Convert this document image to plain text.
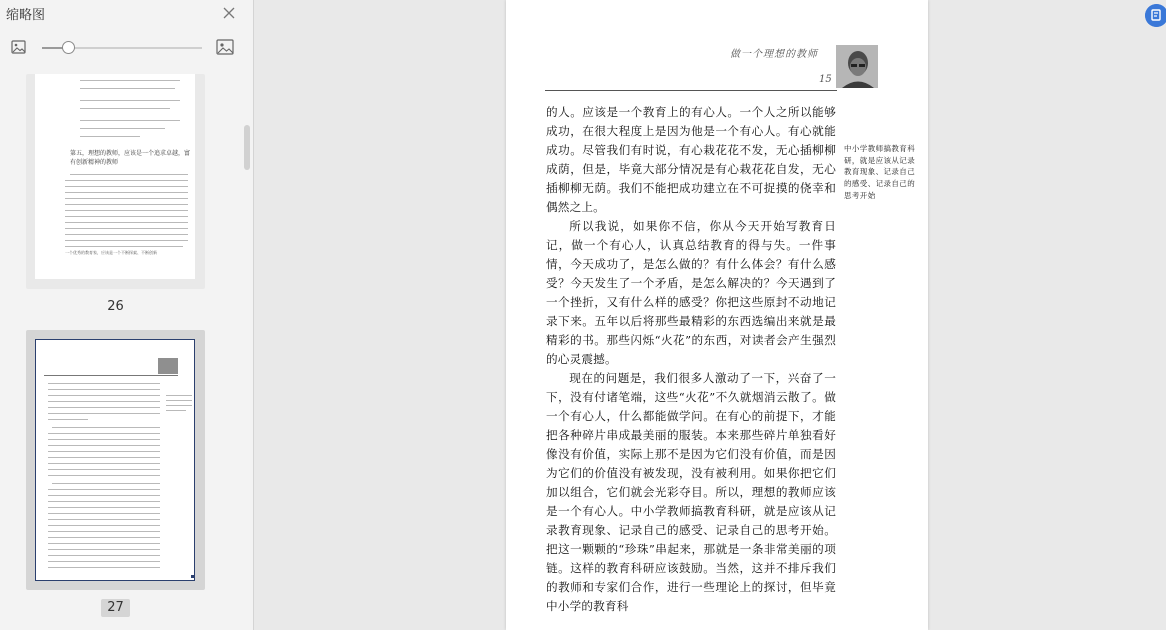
缩略图
第五，理想的教师，应该是一个追求卓越，富有创新精神的教师
一个优秀的教育家，应该是一个不断探索、不断创新
26
27
做一个理想的教师
15

的人。应该是一个教育上的有心人。一个人之所以能够成功，在很大程度上是因为他是一个有心人。有心就能成功。尽管我们有时说，有心栽花花不发，无心插柳柳成荫，但是，毕竟大部分情况是有心栽花花自发，无心插柳柳无荫。我们不能把成功建立在不可捉摸的侥幸和偶然之上。

所以我说，如果你不信，你从今天开始写教育日记，做一个有心人，认真总结教育的得与失。一件事情，今天成功了，是怎么做的？有什么体会？有什么感受？今天发生了一个矛盾，是怎么解决的？今天遇到了一个挫折，又有什么样的感受？你把这些原封不动地记录下来。五年以后将那些最精彩的东西选编出来就是最精彩的书。那些闪烁“火花”的东西，对读者会产生强烈的心灵震撼。

现在的问题是，我们很多人激动了一下，兴奋了一下，没有付诸笔端，这些“火花”不久就烟消云散了。做一个有心人，什么都能做学问。在有心的前提下，才能把各种碎片串成最美丽的服装。本来那些碎片单独看好像没有价值，实际上那不是因为它们没有价值，而是因为它们的价值没有被发现，没有被利用。如果你把它们加以组合，它们就会光彩夺目。所以，理想的教师应该是一个有心人。中小学教师搞教育科研，就是应该从记录教育现象、记录自己的感受、记录自己的思考开始。把这一颗颗的“珍珠”串起来，那就是一条非常美丽的项链。这样的教育科研应该鼓励。当然，这并不排斥我们的教师和专家们合作，进行一些理论上的探讨，但毕竟中小学的教育科

中小学教师搞教育科研，就是应该从记录教育现象、记录自己的感受、记录自己的思考开始
